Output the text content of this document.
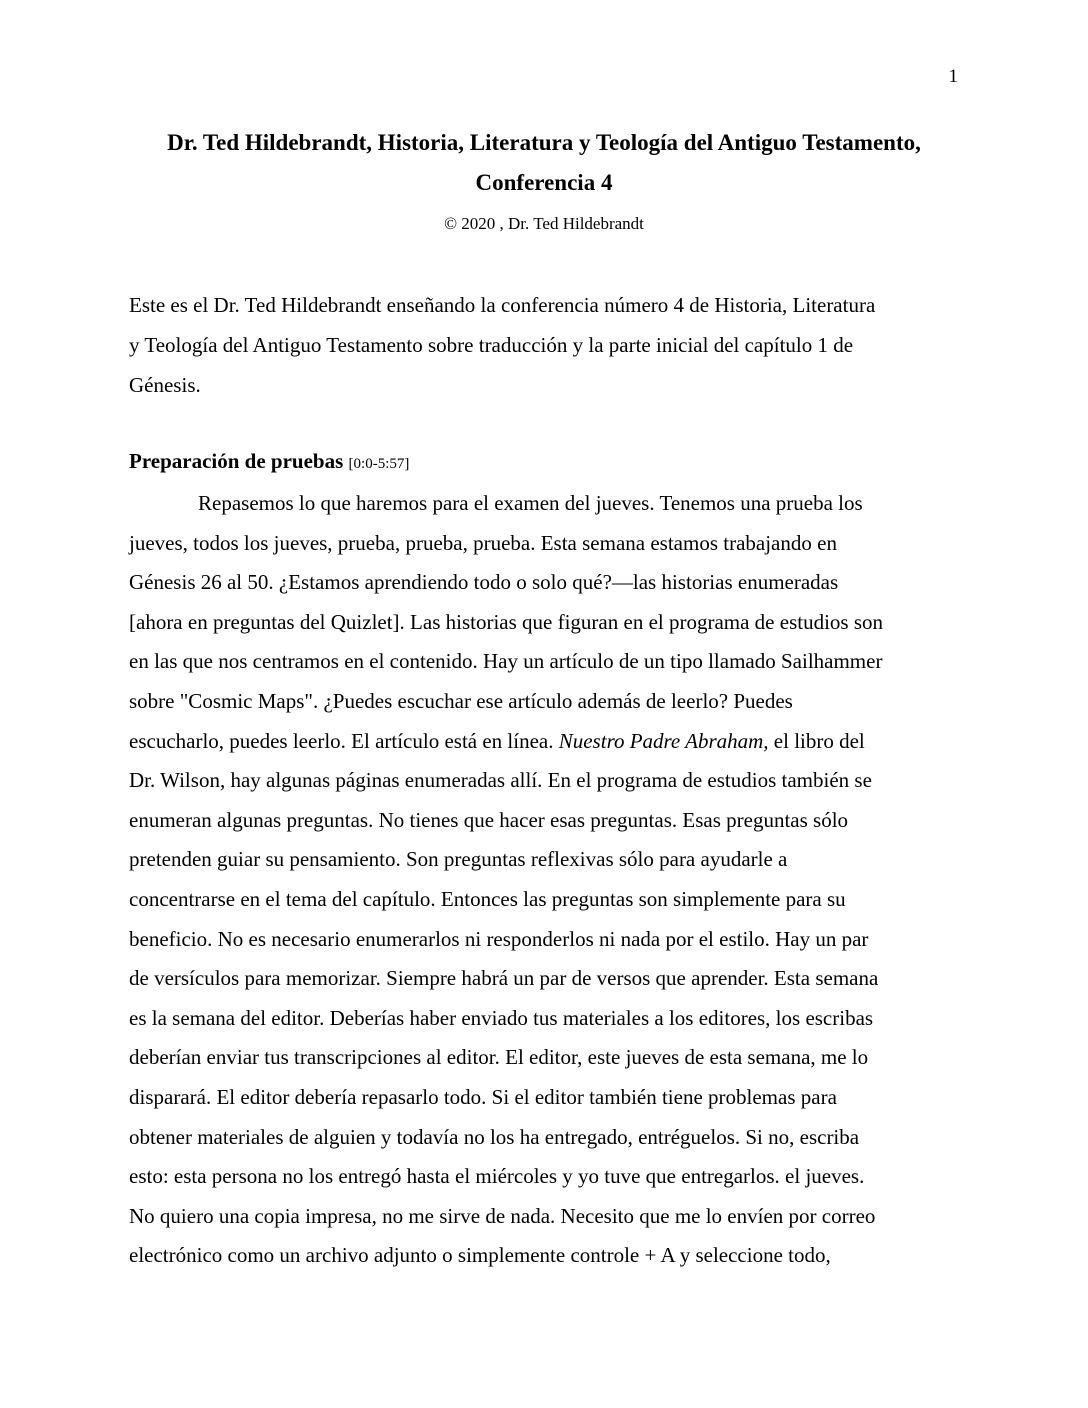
1
Dr. Ted Hildebrandt, Historia, Literatura y Teología del Antiguo Testamento,
Conferencia 4
© 2020 , Dr. Ted Hildebrandt
Este es el Dr. Ted Hildebrandt enseñando la conferencia número 4 de Historia, Literatura
y Teología del Antiguo Testamento sobre traducción y la parte inicial del capítulo 1 de
Génesis.
Preparación de pruebas [0:0-5:57]
Repasemos lo que haremos para el examen del jueves. Tenemos una prueba los
jueves, todos los jueves, prueba, prueba, prueba. Esta semana estamos trabajando en
Génesis 26 al 50. ¿Estamos aprendiendo todo o solo qué?—las historias enumeradas
[ahora en preguntas del Quizlet]. Las historias que figuran en el programa de estudios son
en las que nos centramos en el contenido. Hay un artículo de un tipo llamado Sailhammer
sobre "Cosmic Maps". ¿Puedes escuchar ese artículo además de leerlo? Puedes
escucharlo, puedes leerlo. El artículo está en línea. Nuestro Padre Abraham, el libro del
Dr. Wilson, hay algunas páginas enumeradas allí. En el programa de estudios también se
enumeran algunas preguntas. No tienes que hacer esas preguntas. Esas preguntas sólo
pretenden guiar su pensamiento. Son preguntas reflexivas sólo para ayudarle a
concentrarse en el tema del capítulo. Entonces las preguntas son simplemente para su
beneficio. No es necesario enumerarlos ni responderlos ni nada por el estilo. Hay un par
de versículos para memorizar. Siempre habrá un par de versos que aprender. Esta semana
es la semana del editor. Deberías haber enviado tus materiales a los editores, los escribas
deberían enviar tus transcripciones al editor. El editor, este jueves de esta semana, me lo
disparará. El editor debería repasarlo todo. Si el editor también tiene problemas para
obtener materiales de alguien y todavía no los ha entregado, entréguelos. Si no, escriba
esto: esta persona no los entregó hasta el miércoles y yo tuve que entregarlos. el jueves.
No quiero una copia impresa, no me sirve de nada. Necesito que me lo envíen por correo
electrónico como un archivo adjunto o simplemente controle + A y seleccione todo,
